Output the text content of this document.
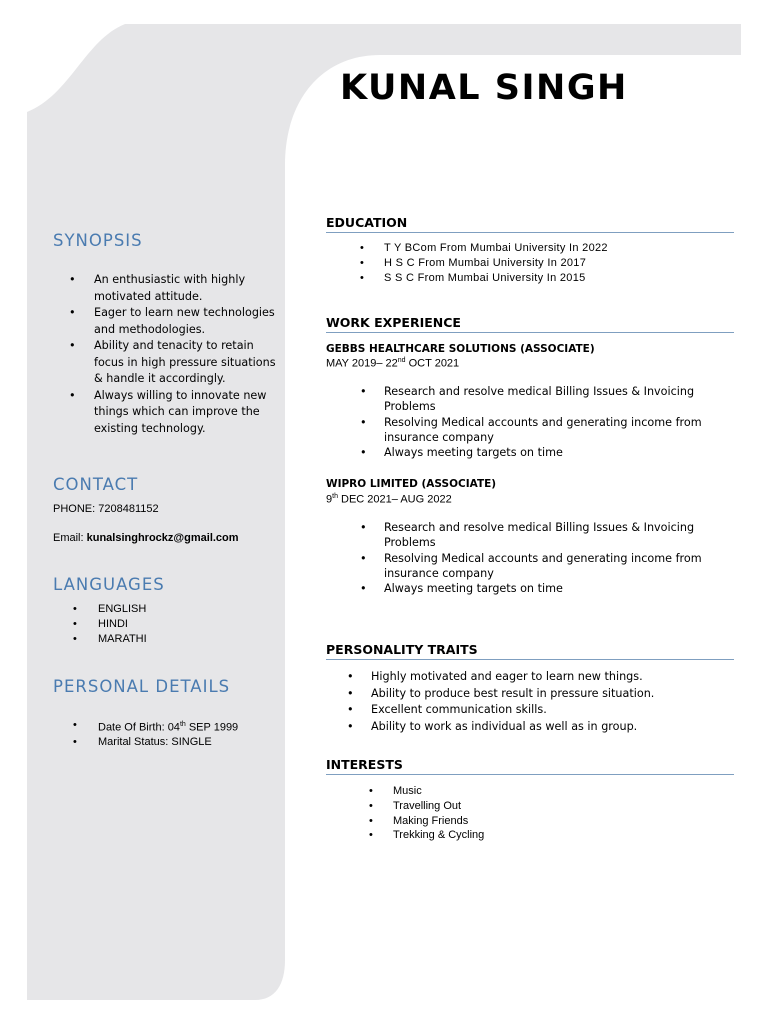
KUNAL SINGH
SYNOPSIS
• An enthusiastic with highly motivated attitude.
• Eager to learn new technologies and methodologies.
• Ability and tenacity to retain focus in high pressure situations & handle it accordingly.
• Always willing to innovate new things which can improve the existing technology.
CONTACT

PHONE: 7208481152

Email: kunalsinghrockz@gmail.com

LANGUAGES
• ENGLISH
• HINDI
• MARATHI
PERSONAL DETAILS
• Date Of Birth: 04th SEP 1999
• Marital Status: SINGLE
EDUCATION
• T Y BCom From Mumbai University In 2022
• H S C From Mumbai University In 2017
• S S C From Mumbai University In 2015
WORK EXPERIENCE

GEBBS HEALTHCARE SOLUTIONS (ASSOCIATE)

MAY 2019– 22nd OCT 2021

• Research and resolve medical Billing Issues & Invoicing Problems
• Resolving Medical accounts and generating income from insurance company
• Always meeting targets on time

WIPRO LIMITED (ASSOCIATE)

9th DEC 2021– AUG 2022

• Research and resolve medical Billing Issues & Invoicing Problems
• Resolving Medical accounts and generating income from insurance company
• Always meeting targets on time
PERSONALITY TRAITS
• Highly motivated and eager to learn new things.
• Ability to produce best result in pressure situation.
• Excellent communication skills.
• Ability to work as individual as well as in group.
INTERESTS
• Music
• Travelling Out
• Making Friends
• Trekking & Cycling
